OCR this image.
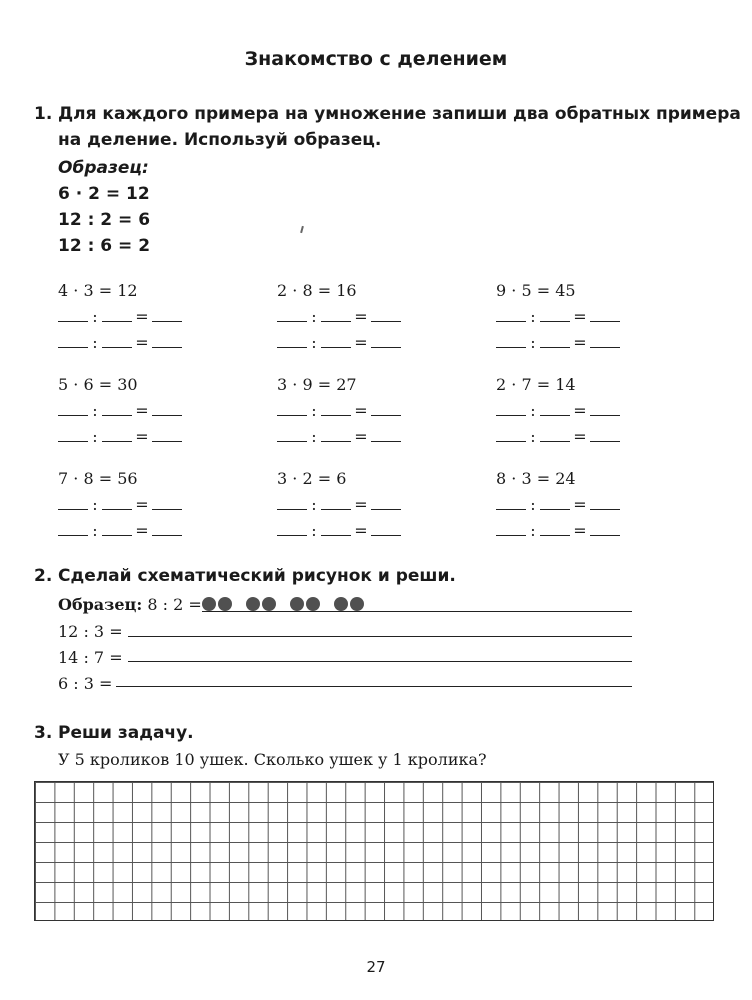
Знакомство с делением
1. Для каждого примера на умножение запиши два обратных примера
на деление. Используй образец.
Образец:
6 · 2 = 12
12 : 2 = 6
12 : 6 = 2
4 · 3 = 12
: =
: =
2 · 8 = 16
: =
: =
9 · 5 = 45
: =
: =
5 · 6 = 30
: =
: =
3 · 9 = 27
: =
: =
2 · 7 = 14
: =
: =
7 · 8 = 56
: =
: =
3 · 2 = 6
: =
: =
8 · 3 = 24
: =
: =
2. Сделай схематический рисунок и реши.
Образец: 8 : 2 =
12 : 3 =
14 : 7 =
6 : 3 =
3. Реши задачу.
У 5 кроликов 10 ушек. Сколько ушек у 1 кролика?
27
